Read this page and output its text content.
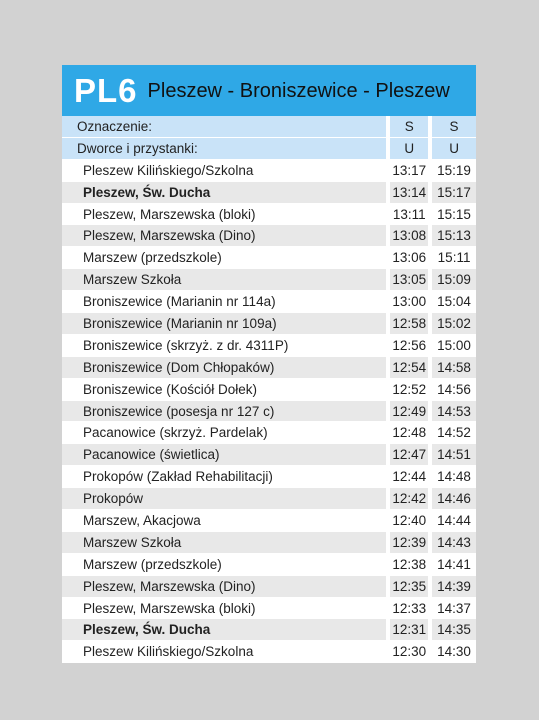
PL6 Pleszew - Broniszewice - Pleszew
Oznaczenie:		S		S
Dworce i przystanki:		U		U
Pleszew Kilińskiego/Szkolna		13:17		15:19
Pleszew, Św. Ducha		13:14		15:17
Pleszew, Marszewska (bloki)		13:11		15:15
Pleszew, Marszewska (Dino)		13:08		15:13
Marszew (przedszkole)		13:06		15:11
Marszew Szkoła		13:05		15:09
Broniszewice (Marianin nr 114a)		13:00		15:04
Broniszewice (Marianin nr 109a)		12:58		15:02
Broniszewice (skrzyż. z dr. 4311P)		12:56		15:00
Broniszewice (Dom Chłopaków)		12:54		14:58
Broniszewice (Kościół Dołek)		12:52		14:56
Broniszewice (posesja nr 127 c)		12:49		14:53
Pacanowice (skrzyż. Pardelak)		12:48		14:52
Pacanowice (świetlica)		12:47		14:51
Prokopów (Zakład Rehabilitacji)		12:44		14:48
Prokopów		12:42		14:46
Marszew, Akacjowa		12:40		14:44
Marszew Szkoła		12:39		14:43
Marszew (przedszkole)		12:38		14:41
Pleszew, Marszewska (Dino)		12:35		14:39
Pleszew, Marszewska (bloki)		12:33		14:37
Pleszew, Św. Ducha		12:31		14:35
Pleszew Kilińskiego/Szkolna		12:30		14:30
